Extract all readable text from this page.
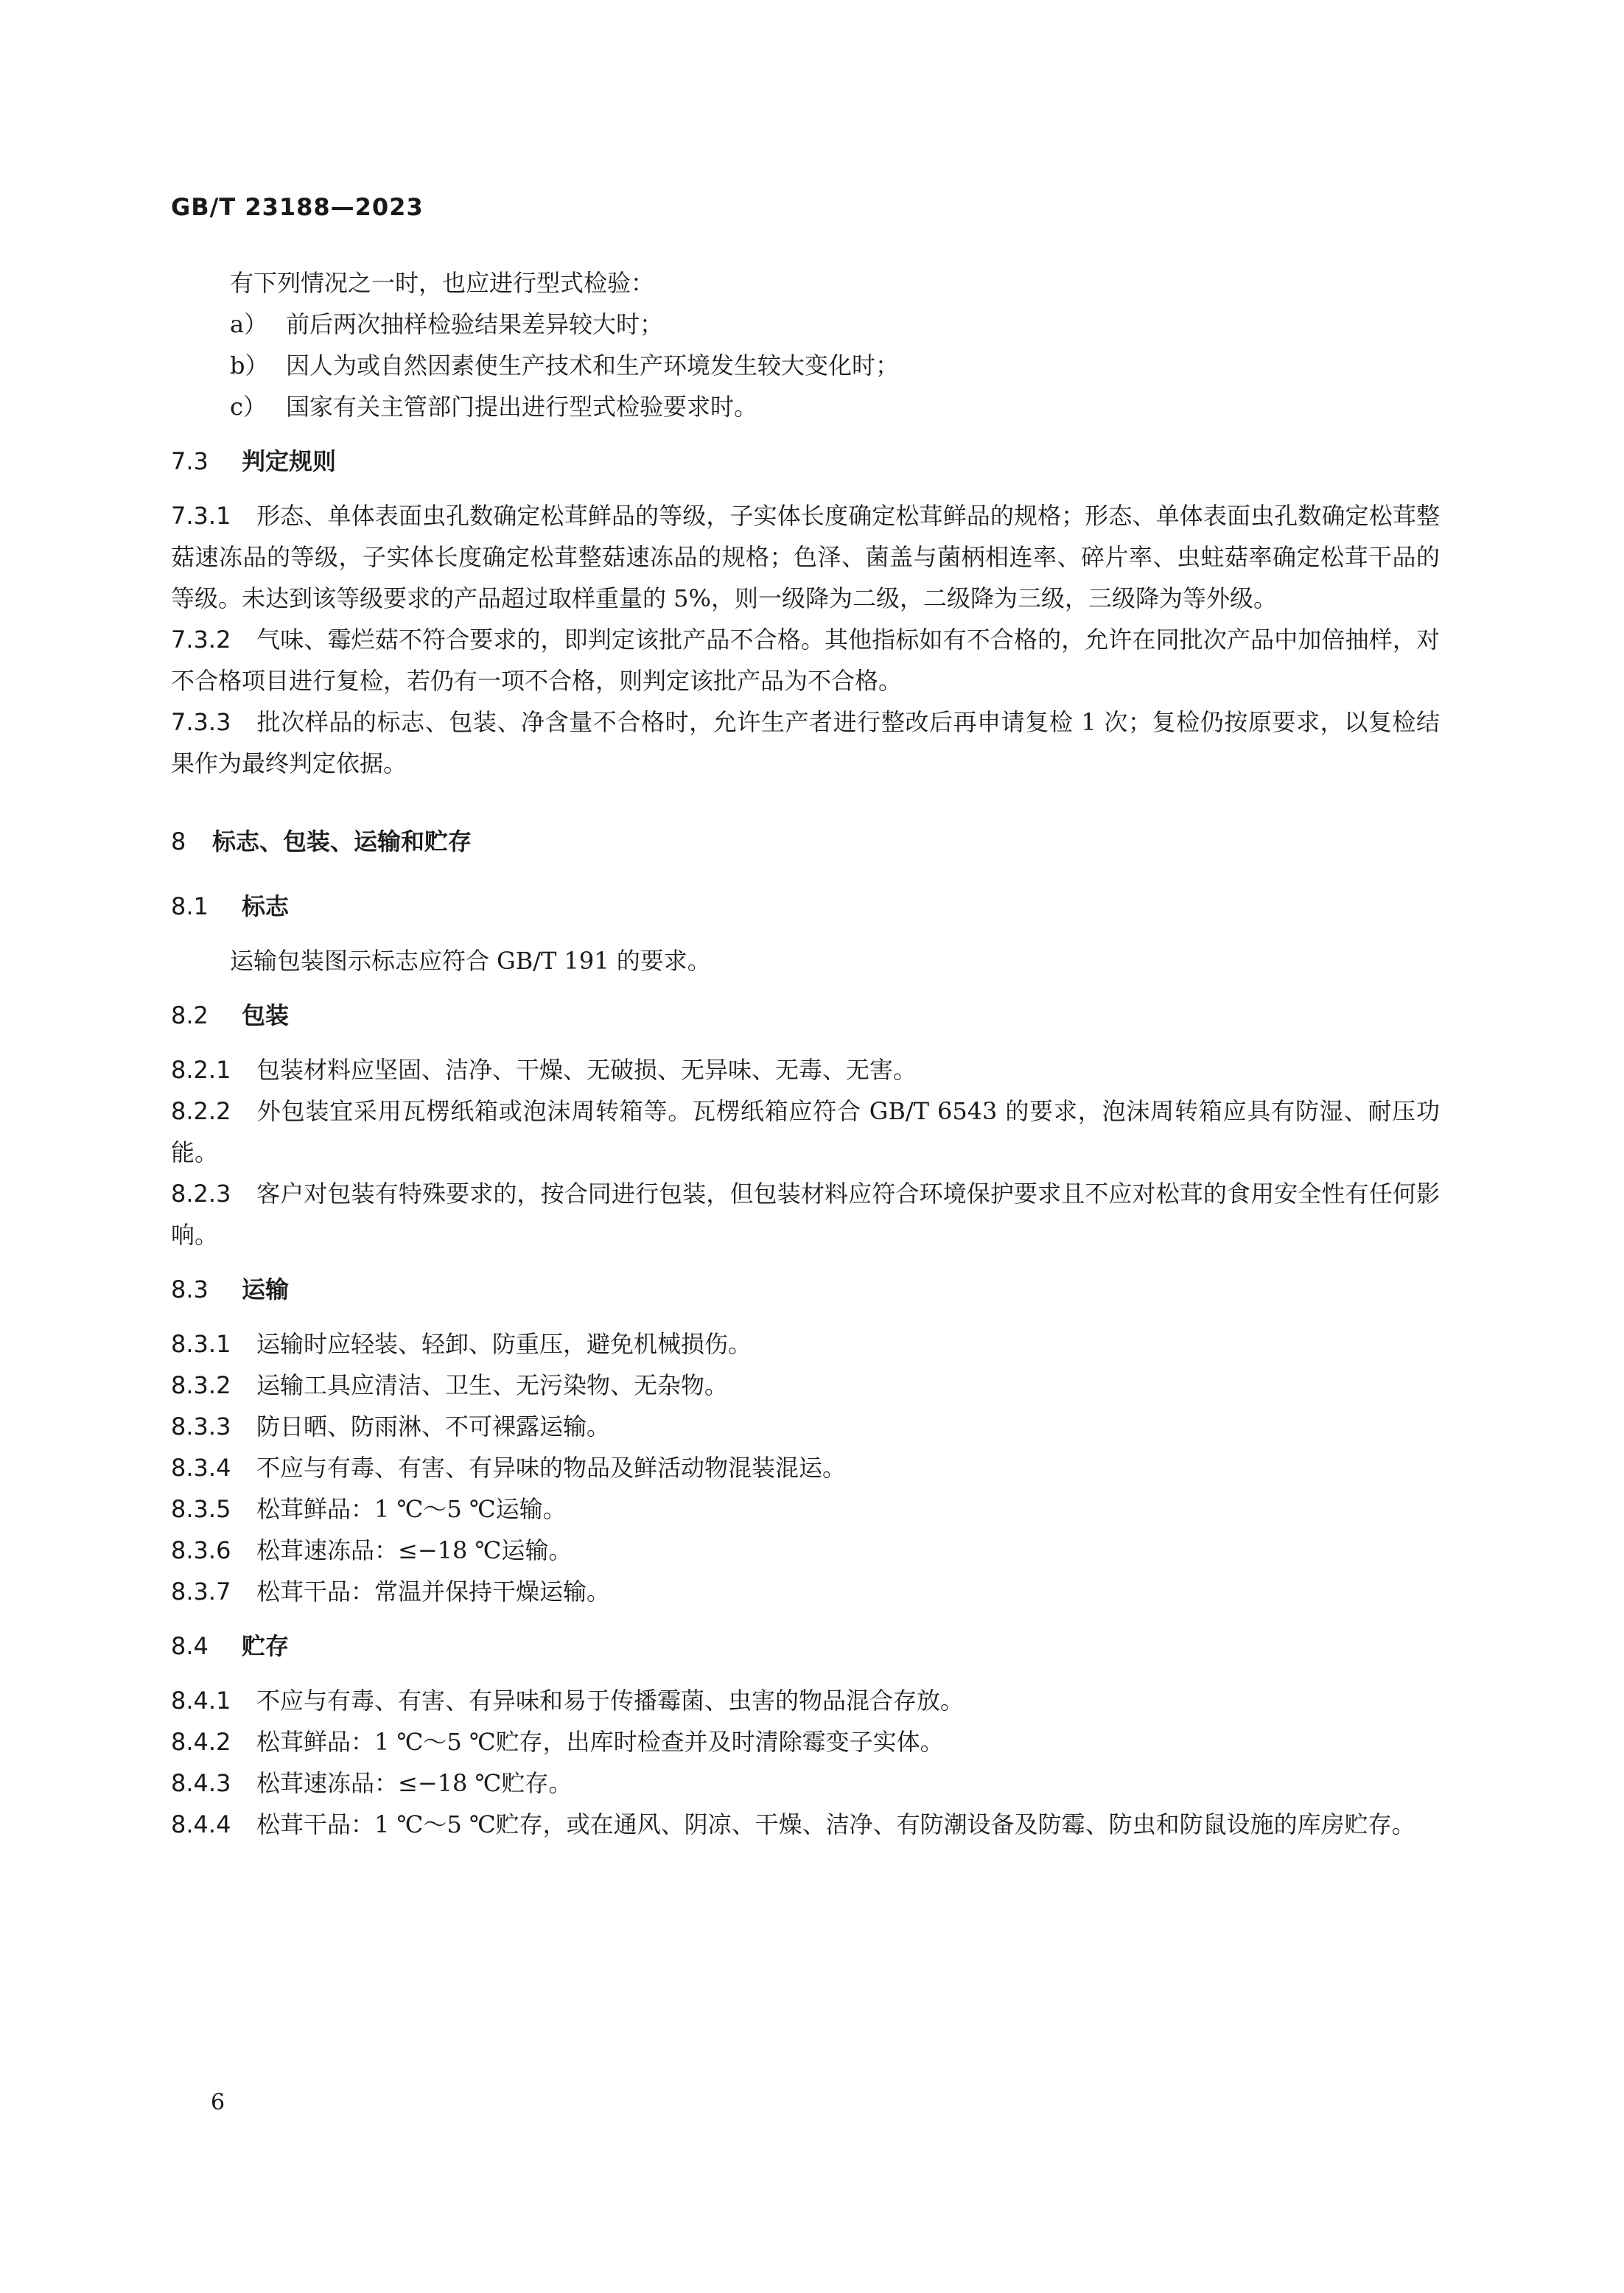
GB/T 23188—2023

有下列情况之一时，也应进行型式检验：

a） 前后两次抽样检验结果差异较大时；

b） 因人为或自然因素使生产技术和生产环境发生较大变化时；

c） 国家有关主管部门提出进行型式检验要求时。

7.3 判定规则

7.3.1 形态、单体表面虫孔数确定松茸鲜品的等级，子实体长度确定松茸鲜品的规格；形态、单体表面虫孔数确定松茸整菇速冻品的等级，子实体长度确定松茸整菇速冻品的规格；色泽、菌盖与菌柄相连率、碎片率、虫蛀菇率确定松茸干品的等级。未达到该等级要求的产品超过取样重量的 5%，则一级降为二级，二级降为三级，三级降为等外级。

7.3.2 气味、霉烂菇不符合要求的，即判定该批产品不合格。其他指标如有不合格的，允许在同批次产品中加倍抽样，对不合格项目进行复检，若仍有一项不合格，则判定该批产品为不合格。

7.3.3 批次样品的标志、包装、净含量不合格时，允许生产者进行整改后再申请复检 1 次；复检仍按原要求，以复检结果作为最终判定依据。

8 标志、包装、运输和贮存

8.1 标志

运输包装图示标志应符合 GB/T 191 的要求。

8.2 包装

8.2.1 包装材料应坚固、洁净、干燥、无破损、无异味、无毒、无害。

8.2.2 外包装宜采用瓦楞纸箱或泡沫周转箱等。瓦楞纸箱应符合 GB/T 6543 的要求，泡沫周转箱应具有防湿、耐压功能。

8.2.3 客户对包装有特殊要求的，按合同进行包装，但包装材料应符合环境保护要求且不应对松茸的食用安全性有任何影响。

8.3 运输

8.3.1 运输时应轻装、轻卸、防重压，避免机械损伤。

8.3.2 运输工具应清洁、卫生、无污染物、无杂物。

8.3.3 防日晒、防雨淋、不可裸露运输。

8.3.4 不应与有毒、有害、有异味的物品及鲜活动物混装混运。

8.3.5 松茸鲜品：1 ℃～5 ℃运输。

8.3.6 松茸速冻品：≤−18 ℃运输。

8.3.7 松茸干品：常温并保持干燥运输。

8.4 贮存

8.4.1 不应与有毒、有害、有异味和易于传播霉菌、虫害的物品混合存放。

8.4.2 松茸鲜品：1 ℃～5 ℃贮存，出库时检查并及时清除霉变子实体。

8.4.3 松茸速冻品：≤−18 ℃贮存。

8.4.4 松茸干品：1 ℃～5 ℃贮存，或在通风、阴凉、干燥、洁净、有防潮设备及防霉、防虫和防鼠设施的库房贮存。

6
